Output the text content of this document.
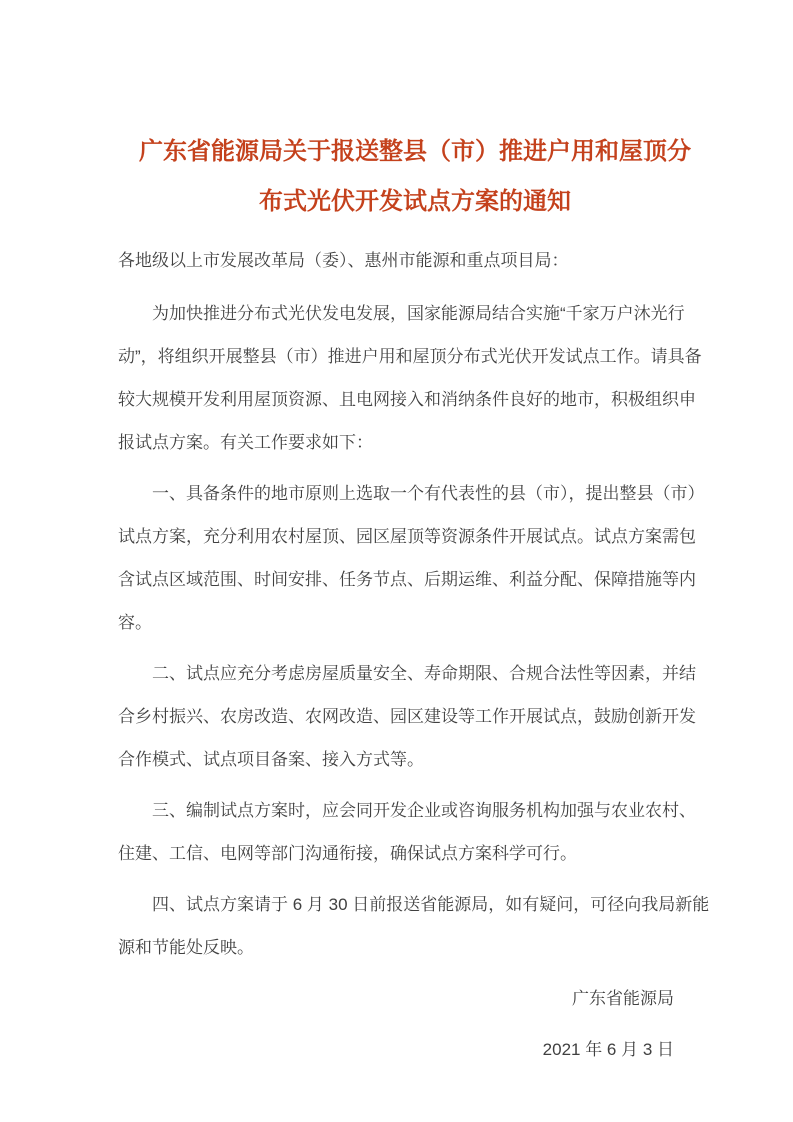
广东省能源局关于报送整县（市）推进户用和屋顶分布式光伏开发试点方案的通知

各地级以上市发展改革局（委）、惠州市能源和重点项目局：

为加快推进分布式光伏发电发展，国家能源局结合实施“千家万户沐光行动”，将组织开展整县（市）推进户用和屋顶分布式光伏开发试点工作。请具备较大规模开发利用屋顶资源、且电网接入和消纳条件良好的地市，积极组织申报试点方案。有关工作要求如下：

一、具备条件的地市原则上选取一个有代表性的县（市），提出整县（市）试点方案，充分利用农村屋顶、园区屋顶等资源条件开展试点。试点方案需包含试点区域范围、时间安排、任务节点、后期运维、利益分配、保障措施等内容。

二、试点应充分考虑房屋质量安全、寿命期限、合规合法性等因素，并结合乡村振兴、农房改造、农网改造、园区建设等工作开展试点，鼓励创新开发合作模式、试点项目备案、接入方式等。

三、编制试点方案时，应会同开发企业或咨询服务机构加强与农业农村、住建、工信、电网等部门沟通衔接，确保试点方案科学可行。

四、试点方案请于 6 月 30 日前报送省能源局，如有疑问，可径向我局新能源和节能处反映。

广东省能源局

2021 年 6 月 3 日
